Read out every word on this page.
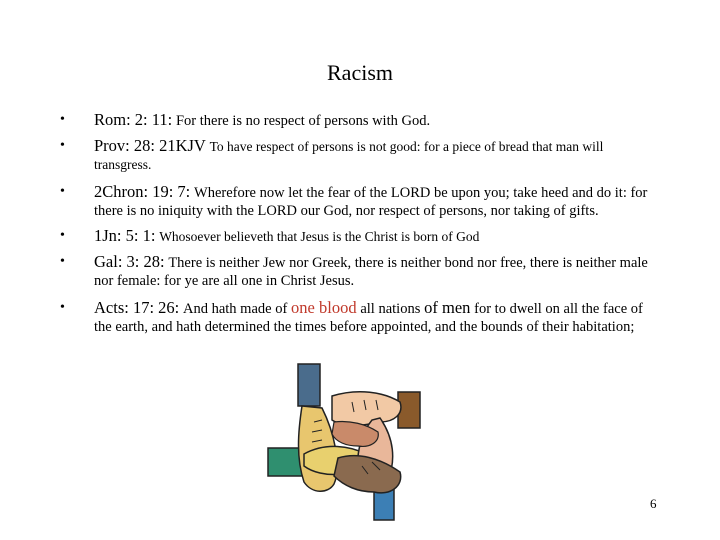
Racism
• Rom: 2: 11: For there is no respect of persons with God.
• Prov: 28: 21KJV To have respect of persons is not good: for a piece of bread that man will transgress.
• 2Chron: 19: 7: Wherefore now let the fear of the LORD be upon you; take heed and do it: for there is no iniquity with the LORD our God, nor respect of persons, nor taking of gifts.
• 1Jn: 5: 1: Whosoever believeth that Jesus is the Christ is born of God
• Gal: 3: 28: There is neither Jew nor Greek, there is neither bond nor free, there is neither male nor female: for ye are all one in Christ Jesus.
• Acts: 17: 26: And hath made of one blood all nations of men for to dwell on all the face of the earth, and hath determined the times before appointed, and the bounds of their habitation;
6
